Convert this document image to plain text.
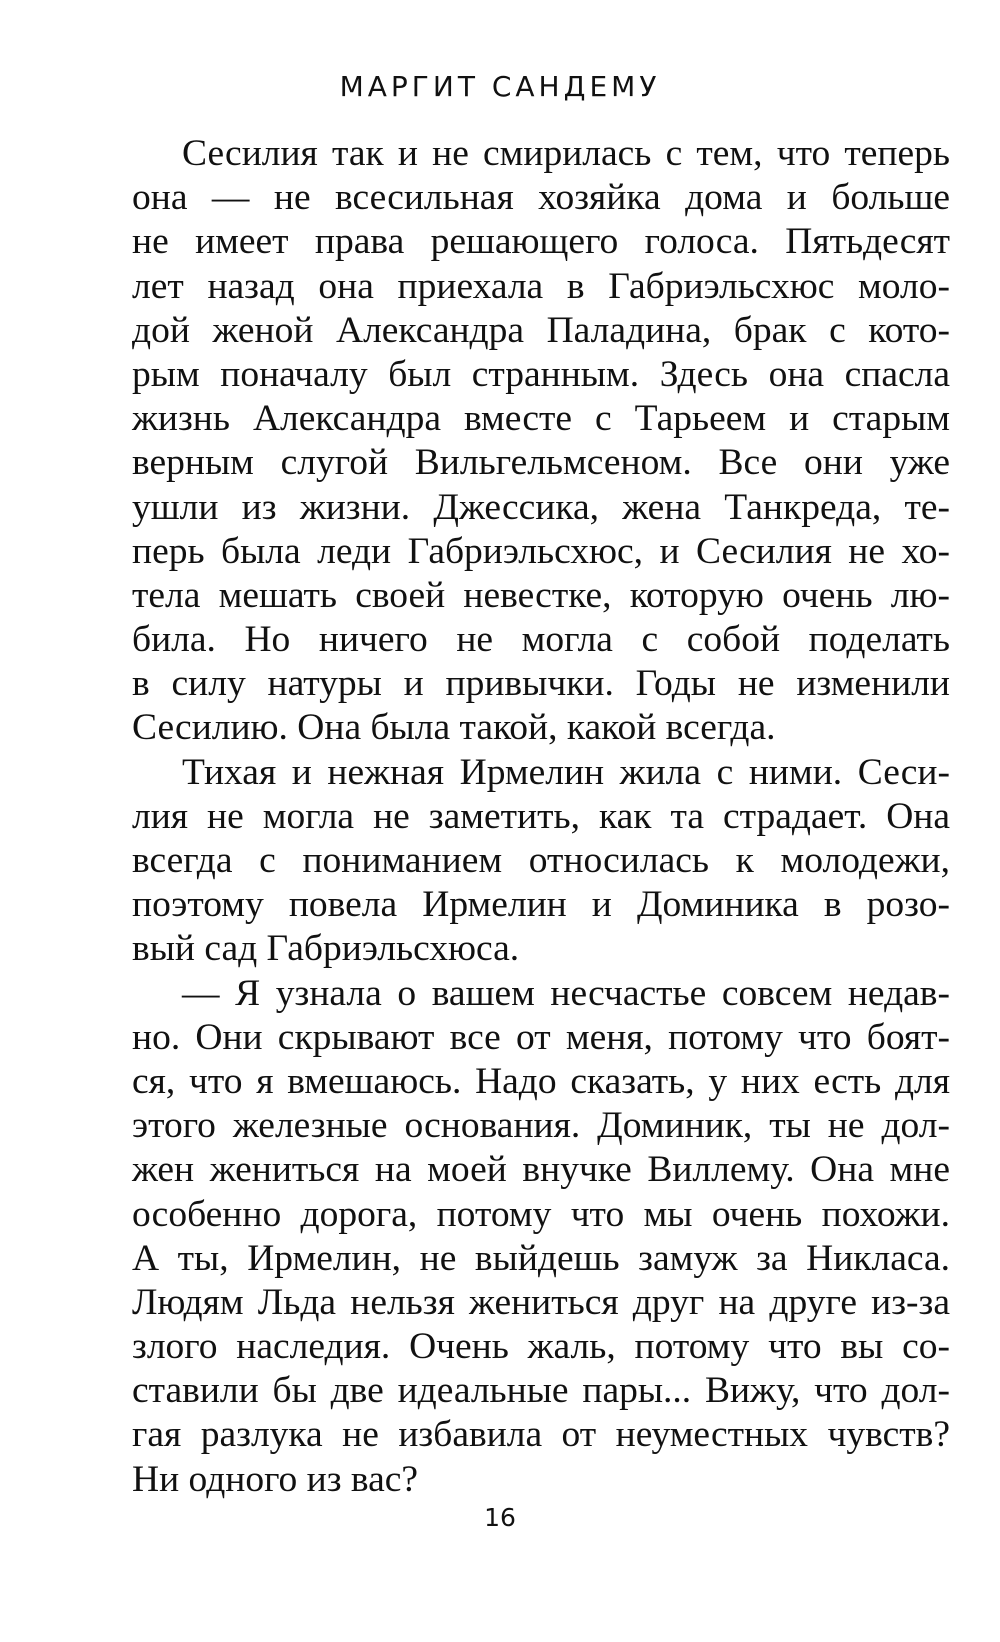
МАРГИТ САНДЕМУ
Сесилия так и не смирилась с тем, что теперь
она — не всесильная хозяйка дома и больше
не имеет права решающего голоса. Пятьдесят
лет назад она приехала в Габриэльсхюс моло-
дой женой Александра Паладина, брак с кото-
рым поначалу был странным. Здесь она спасла
жизнь Александра вместе с Тарьеем и старым
верным слугой Вильгельмсеном. Все они уже
ушли из жизни. Джессика, жена Танкреда, те-
перь была леди Габриэльсхюс, и Сесилия не хо-
тела мешать своей невестке, которую очень лю-
била. Но ничего не могла с собой поделать
в силу натуры и привычки. Годы не изменили
Сесилию. Она была такой, какой всегда.
Тихая и нежная Ирмелин жила с ними. Сеси-
лия не могла не заметить, как та страдает. Она
всегда с пониманием относилась к молодежи,
поэтому повела Ирмелин и Доминика в розо-
вый сад Габриэльсхюса.
— Я узнала о вашем несчастье совсем недав-
но. Они скрывают все от меня, потому что боят-
ся, что я вмешаюсь. Надо сказать, у них есть для
этого железные основания. Доминик, ты не дол-
жен жениться на моей внучке Виллему. Она мне
особенно дорога, потому что мы очень похожи.
А ты, Ирмелин, не выйдешь замуж за Никласа.
Людям Льда нельзя жениться друг на друге из-за
злого наследия. Очень жаль, потому что вы со-
ставили бы две идеальные пары... Вижу, что дол-
гая разлука не избавила от неуместных чувств?
Ни одного из вас?
16
